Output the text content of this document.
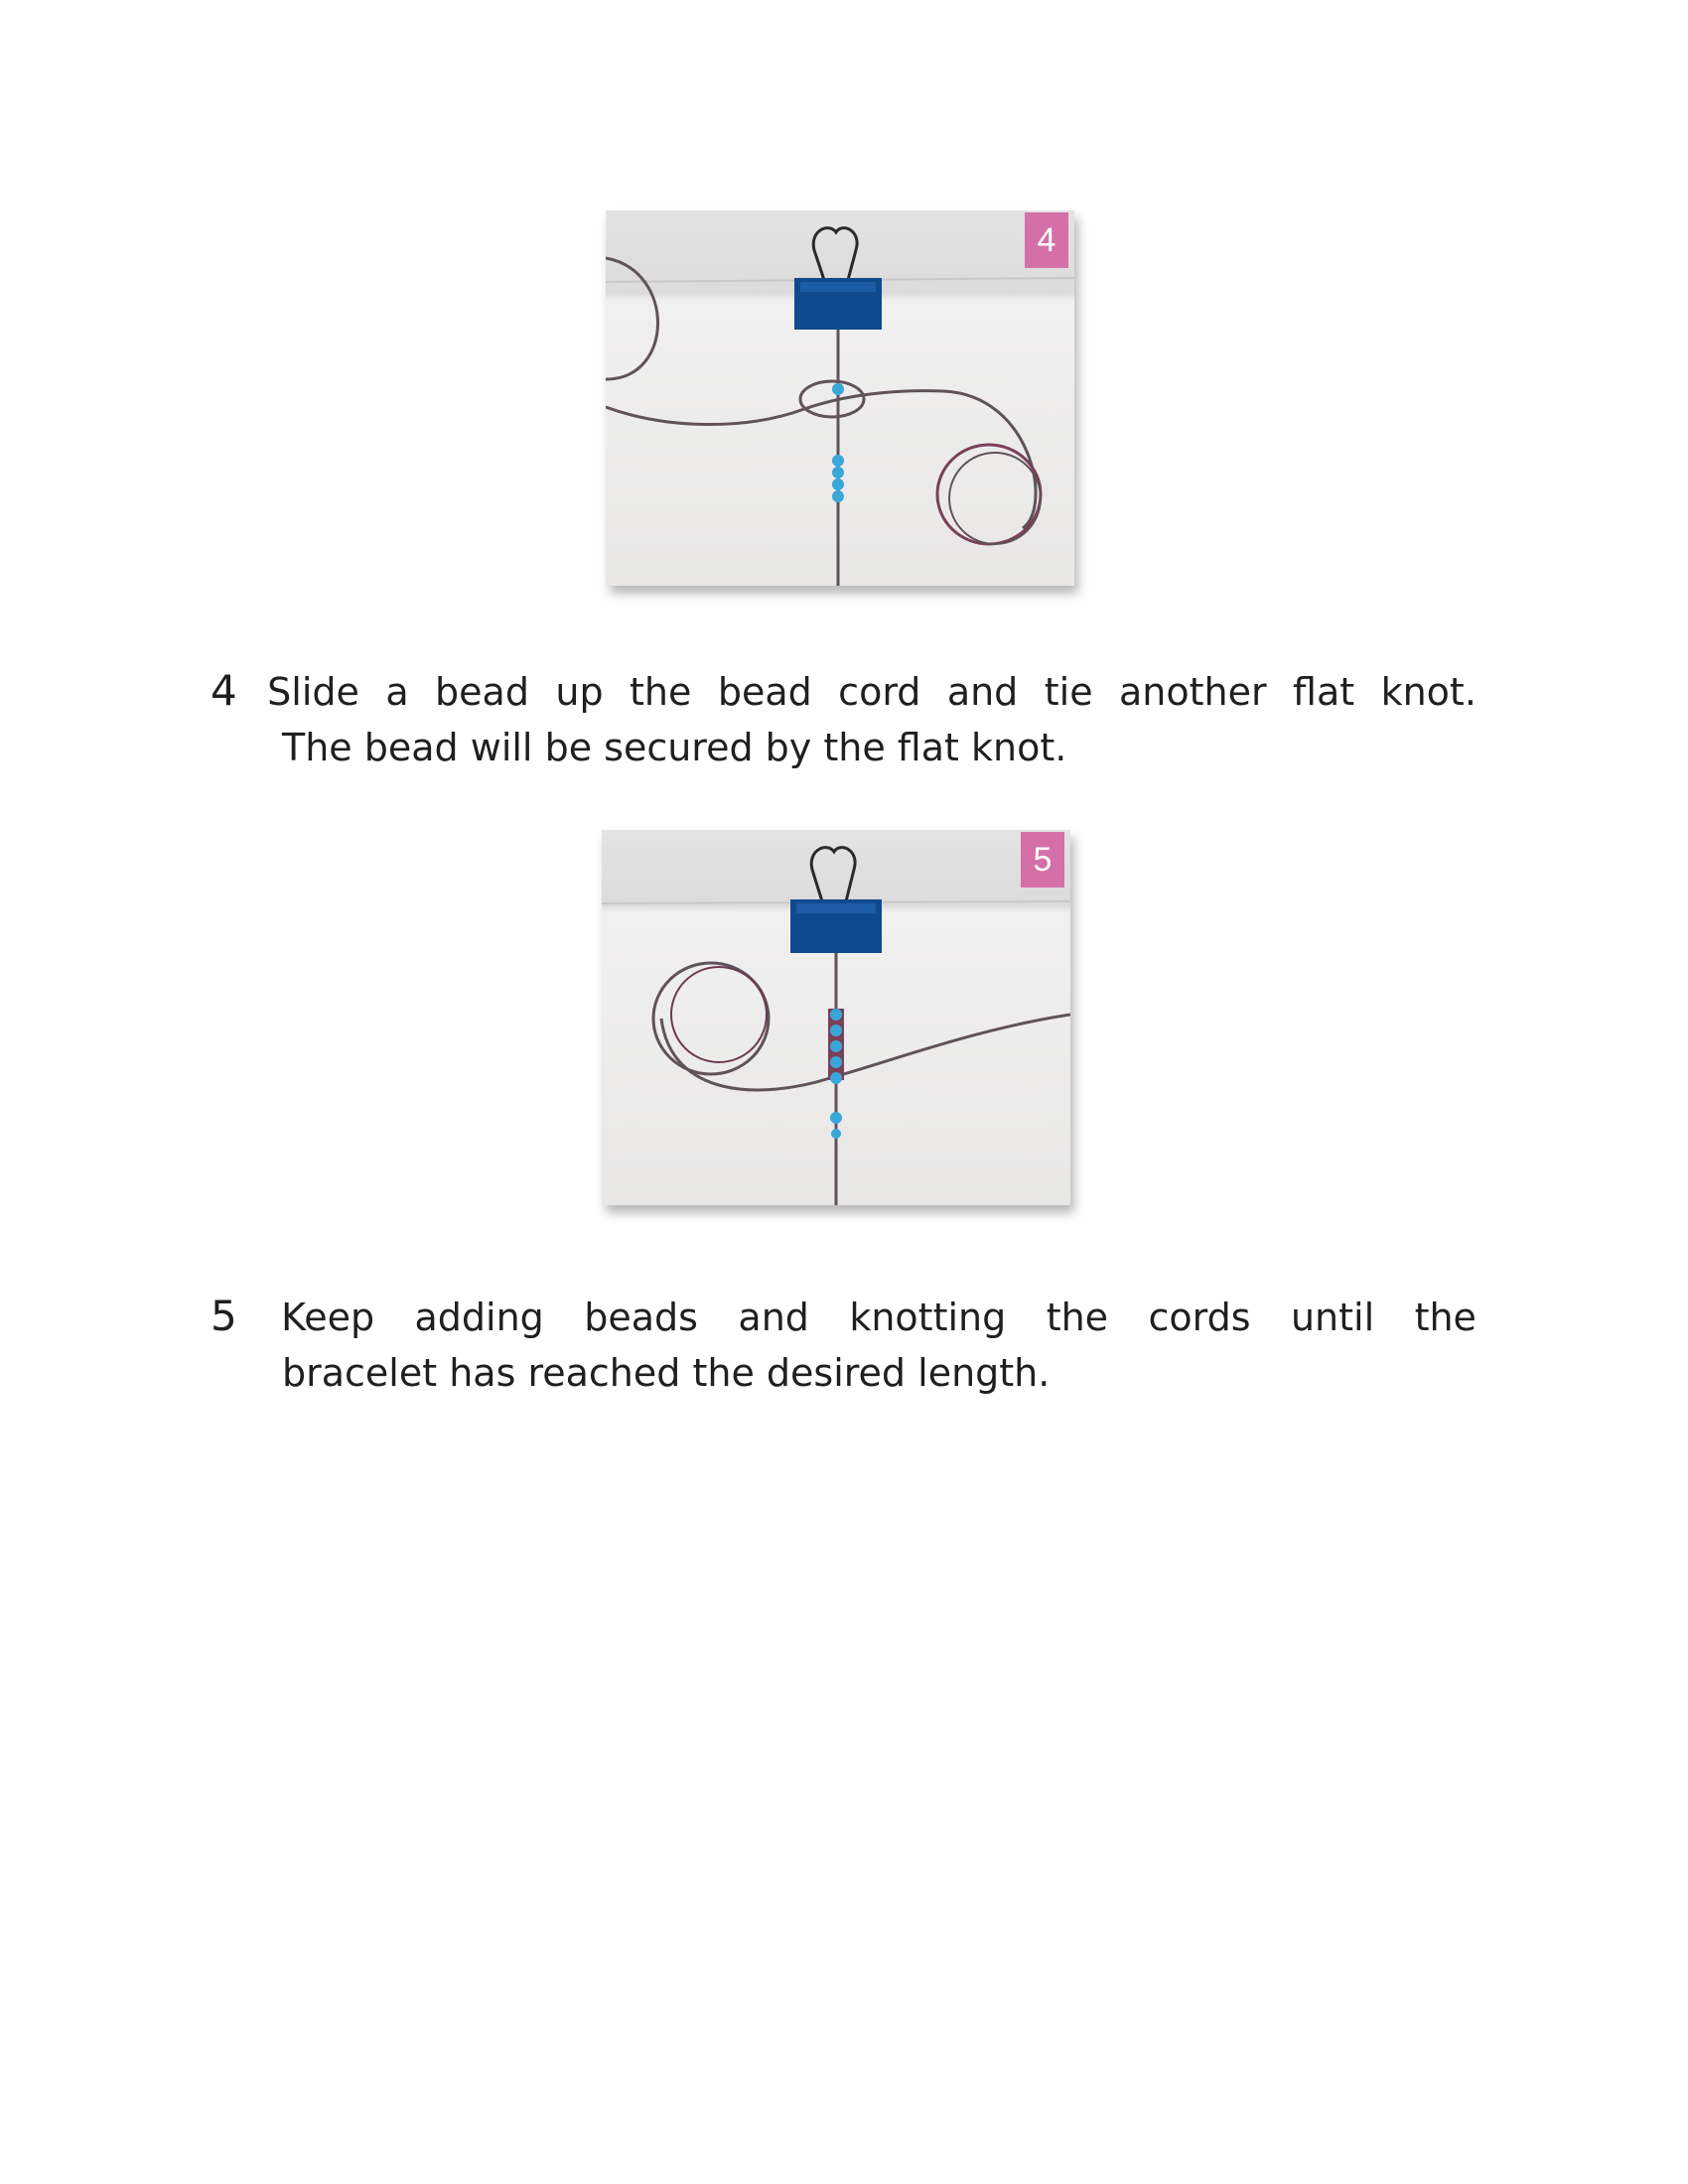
4
4 Slide a bead up the bead cord and tie another flat knot.
The bead will be secured by the flat knot.
5
5 Keep adding beads and knotting the cords until the
bracelet has reached the desired length.
